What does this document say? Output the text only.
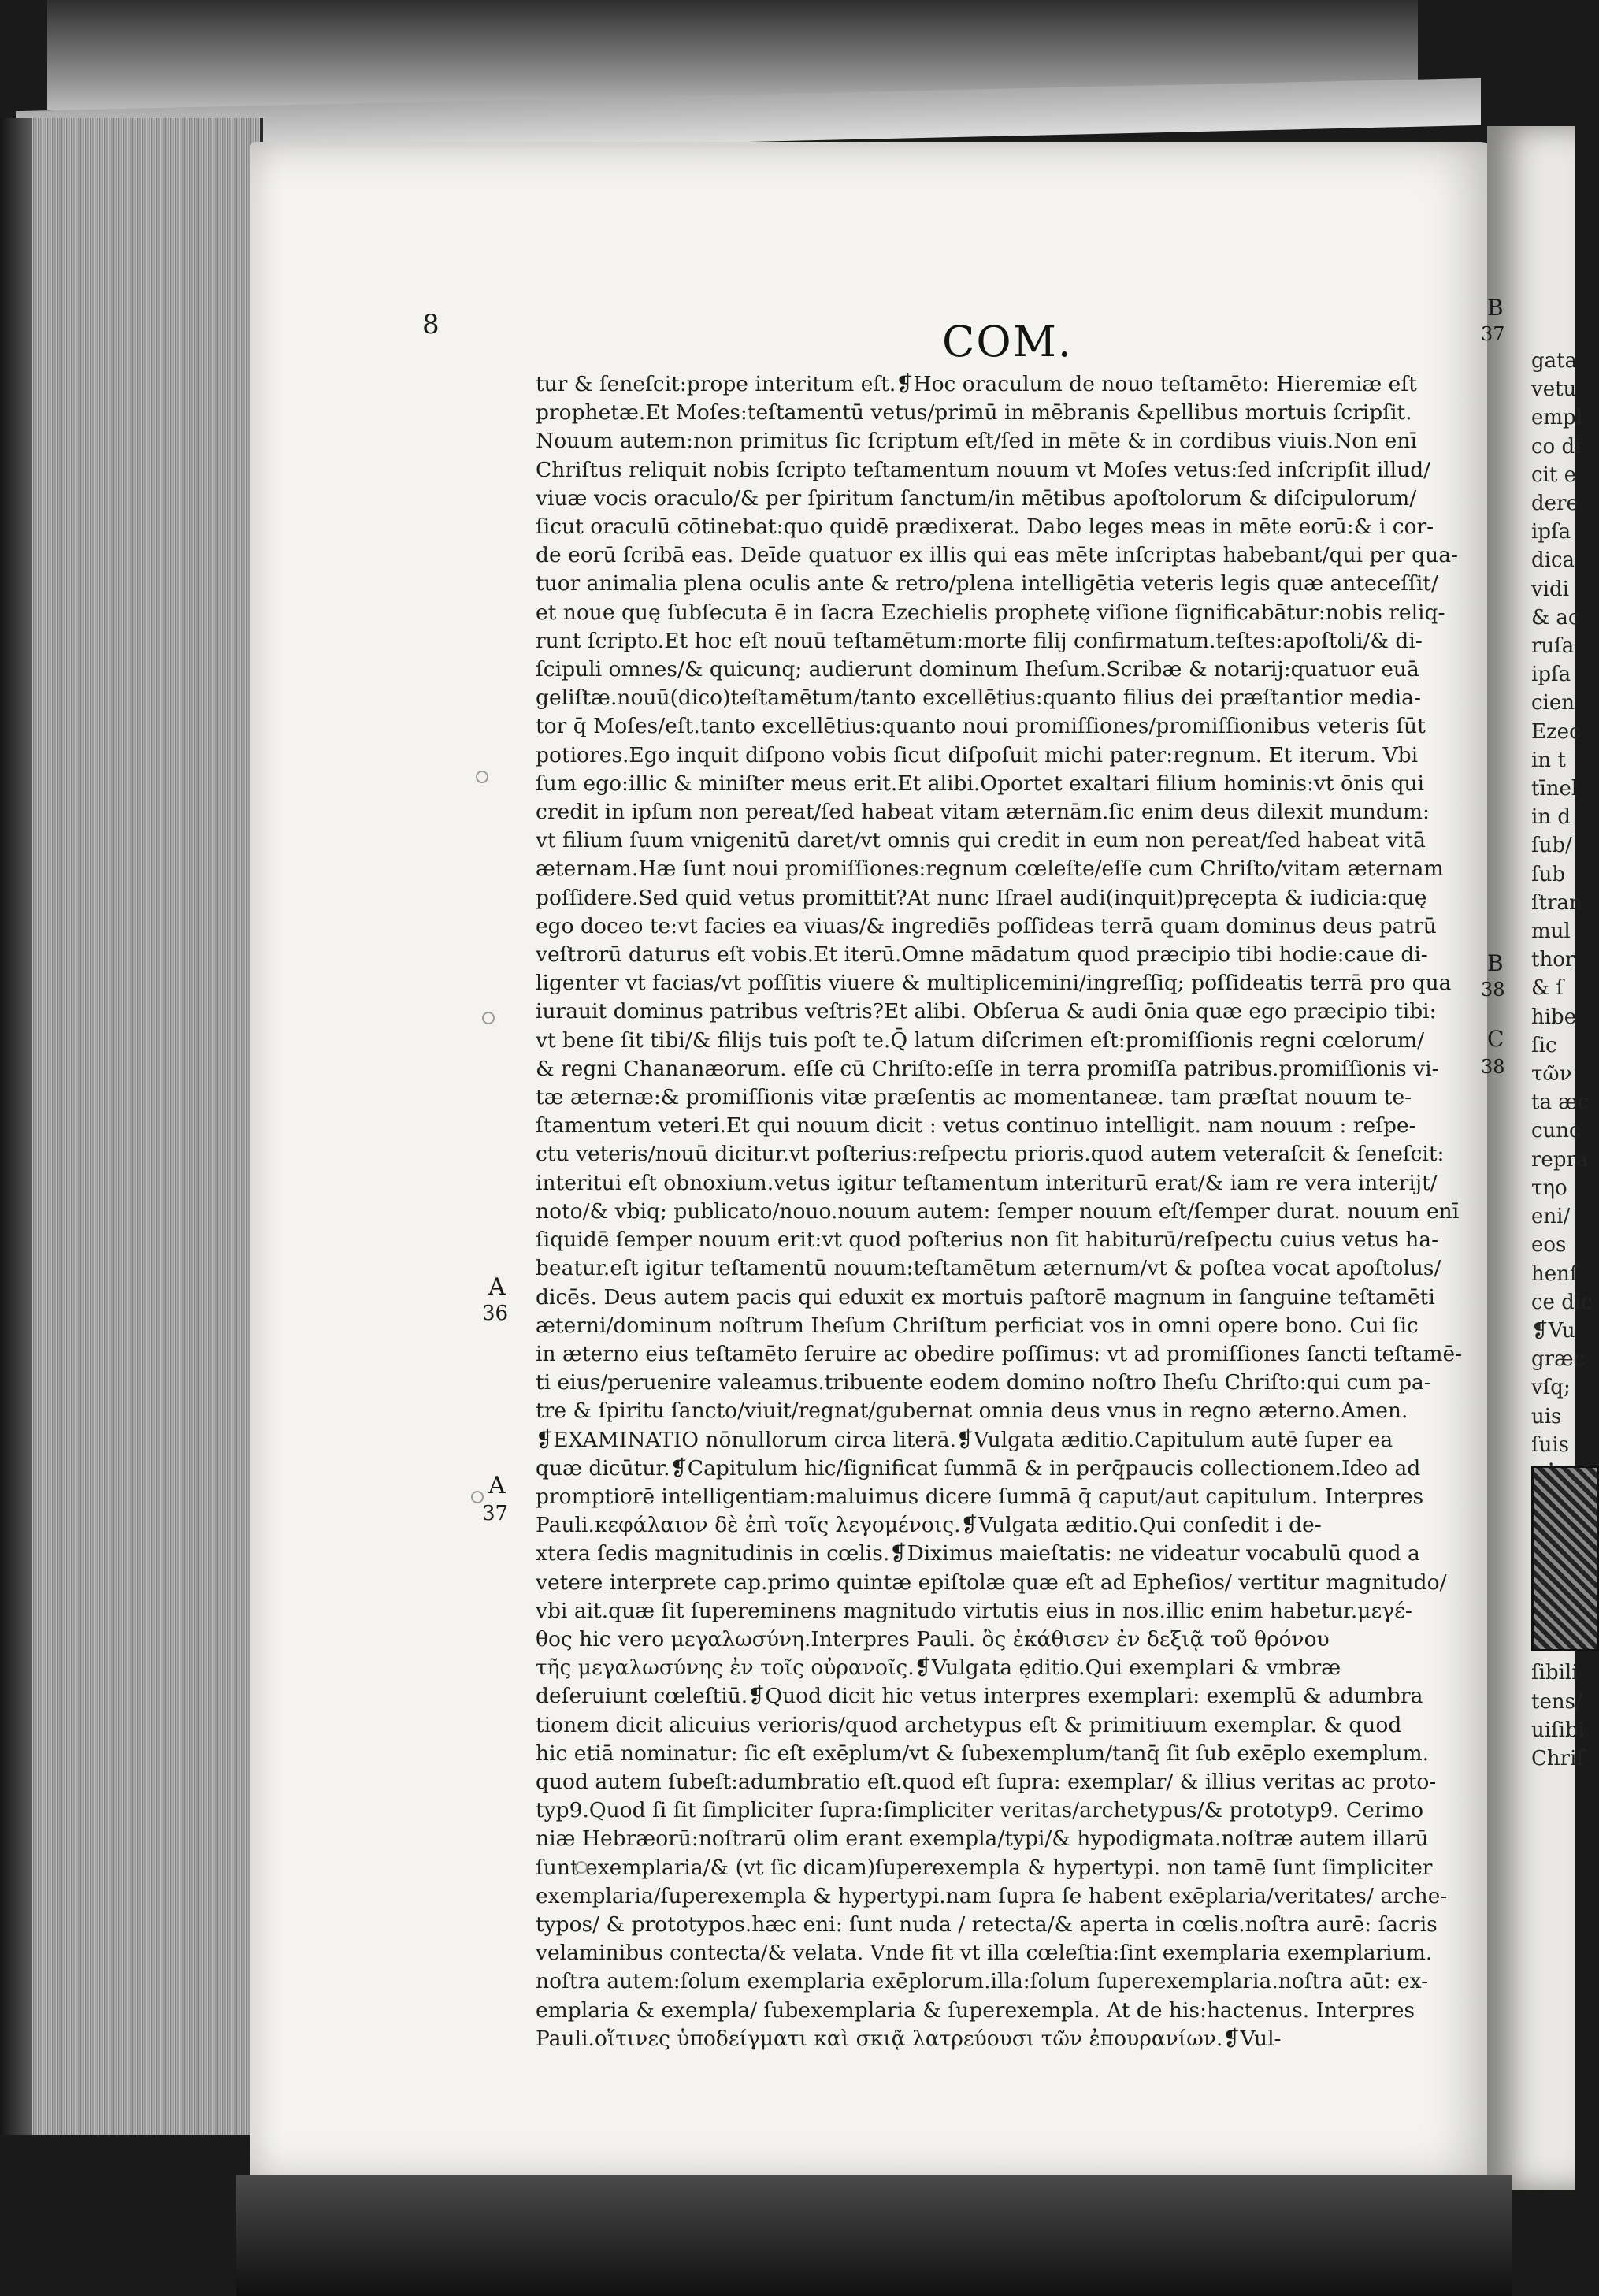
8	COM.
tur & ſeneſcit:prope interitum eſt.❡Hoc oraculum de nouo teſtamēto: Hieremiæ eſt
prophetæ.Et Moſes:teſtamentū vetus/primū in mēbranis &pellibus mortuis ſcripſit.
Nouum autem:non primitus ſic ſcriptum eſt/ſed in mēte & in cordibus viuis.Non enī
Chriſtus reliquit nobis ſcripto teſtamentum nouum vt Moſes vetus:ſed inſcripſit illud/
viuæ vocis oraculo/& per ſpiritum ſanctum/in mētibus apoſtolorum & diſcipulorum/
ſicut oraculū cōtinebat:quo quidē prædixerat. Dabo leges meas in mēte eorū:& i cor-
de eorū ſcribā eas. Deīde quatuor ex illis qui eas mēte inſcriptas habebant/qui per qua-
tuor animalia plena oculis ante & retro/plena intelligētia veteris legis quæ anteceſſit/
et noue quę ſubſecuta ē in ſacra Ezechielis prophetę viſione ſignificabātur:nobis reliq-
runt ſcripto.Et hoc eſt nouū teſtamētum:morte filij confirmatum.teſtes:apoſtoli/& di-
ſcipuli omnes/& quicunq; audierunt dominum Iheſum.Scribæ & notarij:quatuor euā
geliſtæ.nouū(dico)teſtamētum/tanto excellētius:quanto filius dei præſtantior media-
tor q̄ Moſes/eſt.tanto excellētius:quanto noui promiſſiones/promiſſionibus veteris ſūt
potiores.Ego inquit diſpono vobis ſicut diſpoſuit michi pater:regnum. Et iterum. Vbi
ſum ego:illic & miniſter meus erit.Et alibi.Oportet exaltari filium hominis:vt ōnis qui
credit in ipſum non pereat/ſed habeat vitam æternām.ſic enim deus dilexit mundum:
vt filium ſuum vnigenitū daret/vt omnis qui credit in eum non pereat/ſed habeat vitā
æternam.Hæ ſunt noui promiſſiones:regnum cœleſte/eſſe cum Chriſto/vitam æternam
poſſidere.Sed quid vetus promittit?At nunc Iſrael audi(inquit)pręcepta & iudicia:quę
ego doceo te:vt facies ea viuas/& ingrediēs poſſideas terrā quam dominus deus patrū
veſtrorū daturus eſt vobis.Et iterū.Omne mādatum quod præcipio tibi hodie:caue di-
ligenter vt facias/vt poſſitis viuere & multiplicemini/ingreſſiq; poſſideatis terrā pro qua
iurauit dominus patribus veſtris?Et alibi. Obſerua & audi ōnia quæ ego præcipio tibi:
vt bene ſit tibi/& filijs tuis poſt te.Q̄ latum diſcrimen eſt:promiſſionis regni cœlorum/
& regni Chananæorum. eſſe cū Chriſto:eſſe in terra promiſſa patribus.promiſſionis vi-
tæ æternæ:& promiſſionis vitæ præſentis ac momentaneæ. tam præſtat nouum te-
ſtamentum veteri.Et qui nouum dicit : vetus continuo intelligit. nam nouum : reſpe-
ctu veteris/nouū dicitur.vt poſterius:reſpectu prioris.quod autem veteraſcit & ſeneſcit:
interitui eſt obnoxium.vetus igitur teſtamentum interiturū erat/& iam re vera interijt/
noto/& vbiq; publicato/nouo.nouum autem: ſemper nouum eſt/ſemper durat. nouum enī
ſiquidē ſemper nouum erit:vt quod poſterius non ſit habiturū/reſpectu cuius vetus ha-
beatur.eſt igitur teſtamentū nouum:teſtamētum æternum/vt & poſtea vocat apoſtolus/
dicēs. Deus autem pacis qui eduxit ex mortuis paſtorē magnum in ſanguine teſtamēti
æterni/dominum noſtrum Iheſum Chriſtum perficiat vos in omni opere bono. Cui ſic
in æterno eius teſtamēto ſeruire ac obedire poſſimus: vt ad promiſſiones ſancti teſtamē-
ti eius/peruenire valeamus.tribuente eodem domino noſtro Iheſu Chriſto:qui cum pa-
tre & ſpiritu ſancto/viuit/regnat/gubernat omnia deus vnus in regno æterno.Amen.
❡EXAMINATIO nōnullorum circa literā.❡Vulgata æditio.Capitulum autē ſuper ea
quæ dicūtur.❡Capitulum hic/ſignificat ſummā & in perq̄paucis collectionem.Ideo ad
promptiorē intelligentiam:maluimus dicere ſummā q̄ caput/aut capitulum. Interpres
Pauli.κεφάλαιον δὲ ἐπὶ τοῖς λεγομένοις.❡Vulgata æditio.Qui conſedit i de-
xtera ſedis magnitudinis in cœlis.❡Diximus maieſtatis: ne videatur vocabulū quod a
vetere interprete cap.primo quintæ epiſtolæ quæ eſt ad Epheſios/ vertitur magnitudo/
vbi ait.quæ ſit ſupereminens magnitudo virtutis eius in nos.illic enim habetur.μεγέ-
θος hic vero μεγαλωσύνη.Interpres Pauli. ὃς ἐκάθισεν ἐν δεξιᾷ τοῦ θρόνου
τῆς μεγαλωσύνης ἐν τοῖς οὐρανοῖς.❡Vulgata ęditio.Qui exemplari & vmbræ
deſeruiunt cœleſtiū.❡Quod dicit hic vetus interpres exemplari: exemplū & adumbra
tionem dicit alicuius verioris/quod archetypus eſt & primitiuum exemplar. & quod
hic etiā nominatur: ſic eſt exēplum/vt & ſubexemplum/tanq̄ ſit ſub exēplo exemplum.
quod autem ſubeſt:adumbratio eſt.quod eſt ſupra: exemplar/ & illius veritas ac proto-
typ9.Quod ſi ſit ſimpliciter ſupra:ſimpliciter veritas/archetypus/& prototyp9. Cerimo
niæ Hebræorū:noſtrarū olim erant exempla/typi/& hypodigmata.noſtræ autem illarū
ſunt exemplaria/& (vt ſic dicam)ſuperexempla & hypertypi. non tamē ſunt ſimpliciter
exemplaria/ſuperexempla & hypertypi.nam ſupra ſe habent exēplaria/veritates/ arche-
typos/ & prototypos.hæc eni: ſunt nuda / retecta/& aperta in cœlis.noſtra aurē: ſacris
velaminibus contecta/& velata. Vnde fit vt illa cœleſtia:ſint exemplaria exemplarium.
noſtra autem:ſolum exemplaria exēplorum.illa:ſolum ſuperexemplaria.noſtra aūt: ex-
emplaria & exempla/ ſubexemplaria & ſuperexempla. At de his:hactenus. Interpres
Pauli.οἵτινες ὑποδείγματι καὶ σκιᾷ λατρεύουσι τῶν ἐπουρανίων.❡Vul-
A
36
A
37
B
37
B
38
C
38
gata
vetu
empl
co di
cit e
dere
ipſa
dica
vidi
& ac
ruſa
ipſa
cien
Ezec
in t
tīnel
in d
ſub/
ſub
ſtran
mul
thor
& ſ
hibe
ſic
τῶν
ta æc
cunc
repra
τηο
eni/
eos
henſ
ce dic
❡Vu
græc
vſq;
uis
ſuis
ſibili
tens/
uiſibi
Chriſ
